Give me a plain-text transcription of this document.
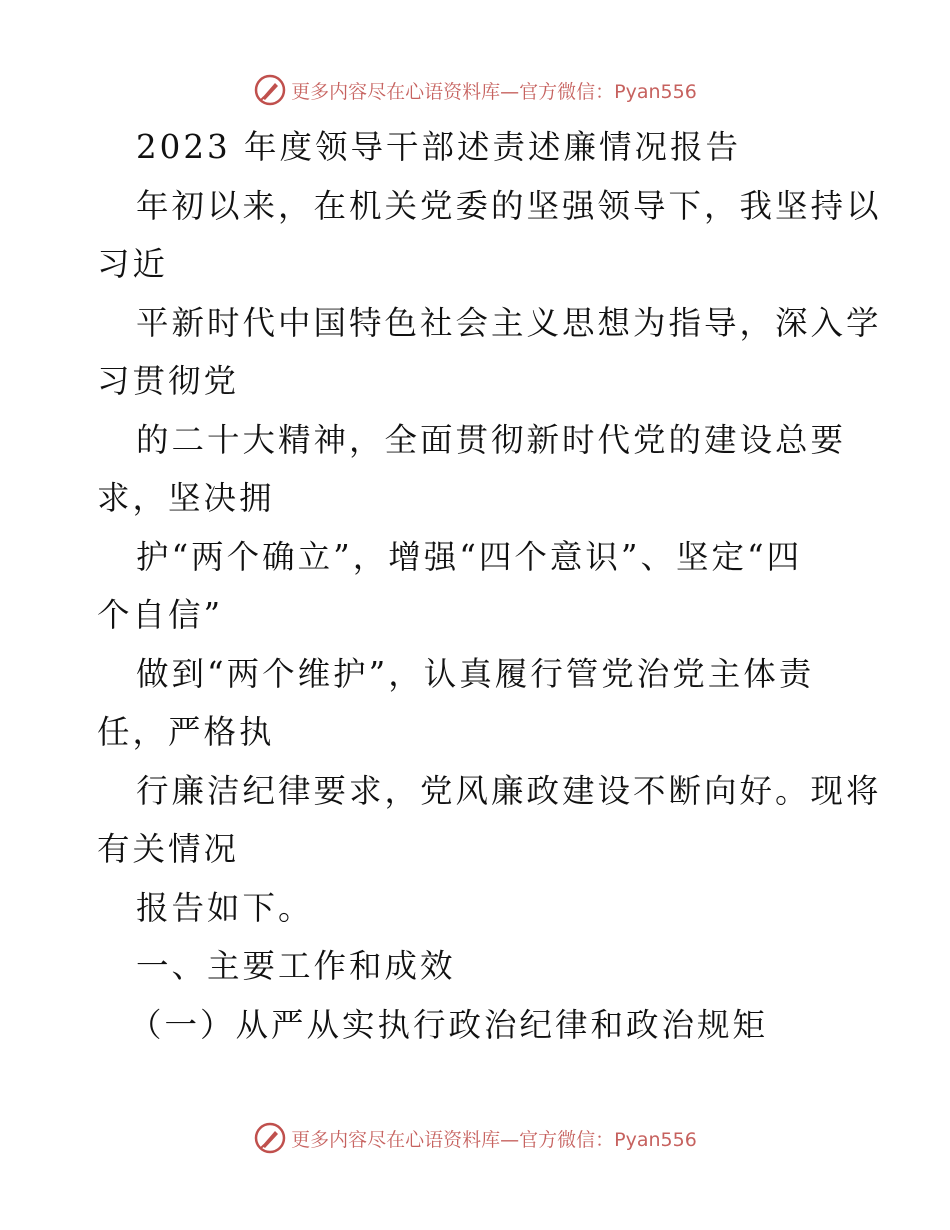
更多内容尽在心语资料库—官方微信：Pyan556
2023 年度领导干部述责述廉情况报告
年初以来，在机关党委的坚强领导下，我坚持以
习近
平新时代中国特色社会主义思想为指导，深入学
习贯彻党
的二十大精神，全面贯彻新时代党的建设总要
求，坚决拥
护“两个确立”，增强“四个意识”、坚定“四
个自信”
做到“两个维护”，认真履行管党治党主体责
任，严格执
行廉洁纪律要求，党风廉政建设不断向好。现将
有关情况
报告如下。
一、主要工作和成效
（一）从严从实执行政治纪律和政治规矩
更多内容尽在心语资料库—官方微信：Pyan556
